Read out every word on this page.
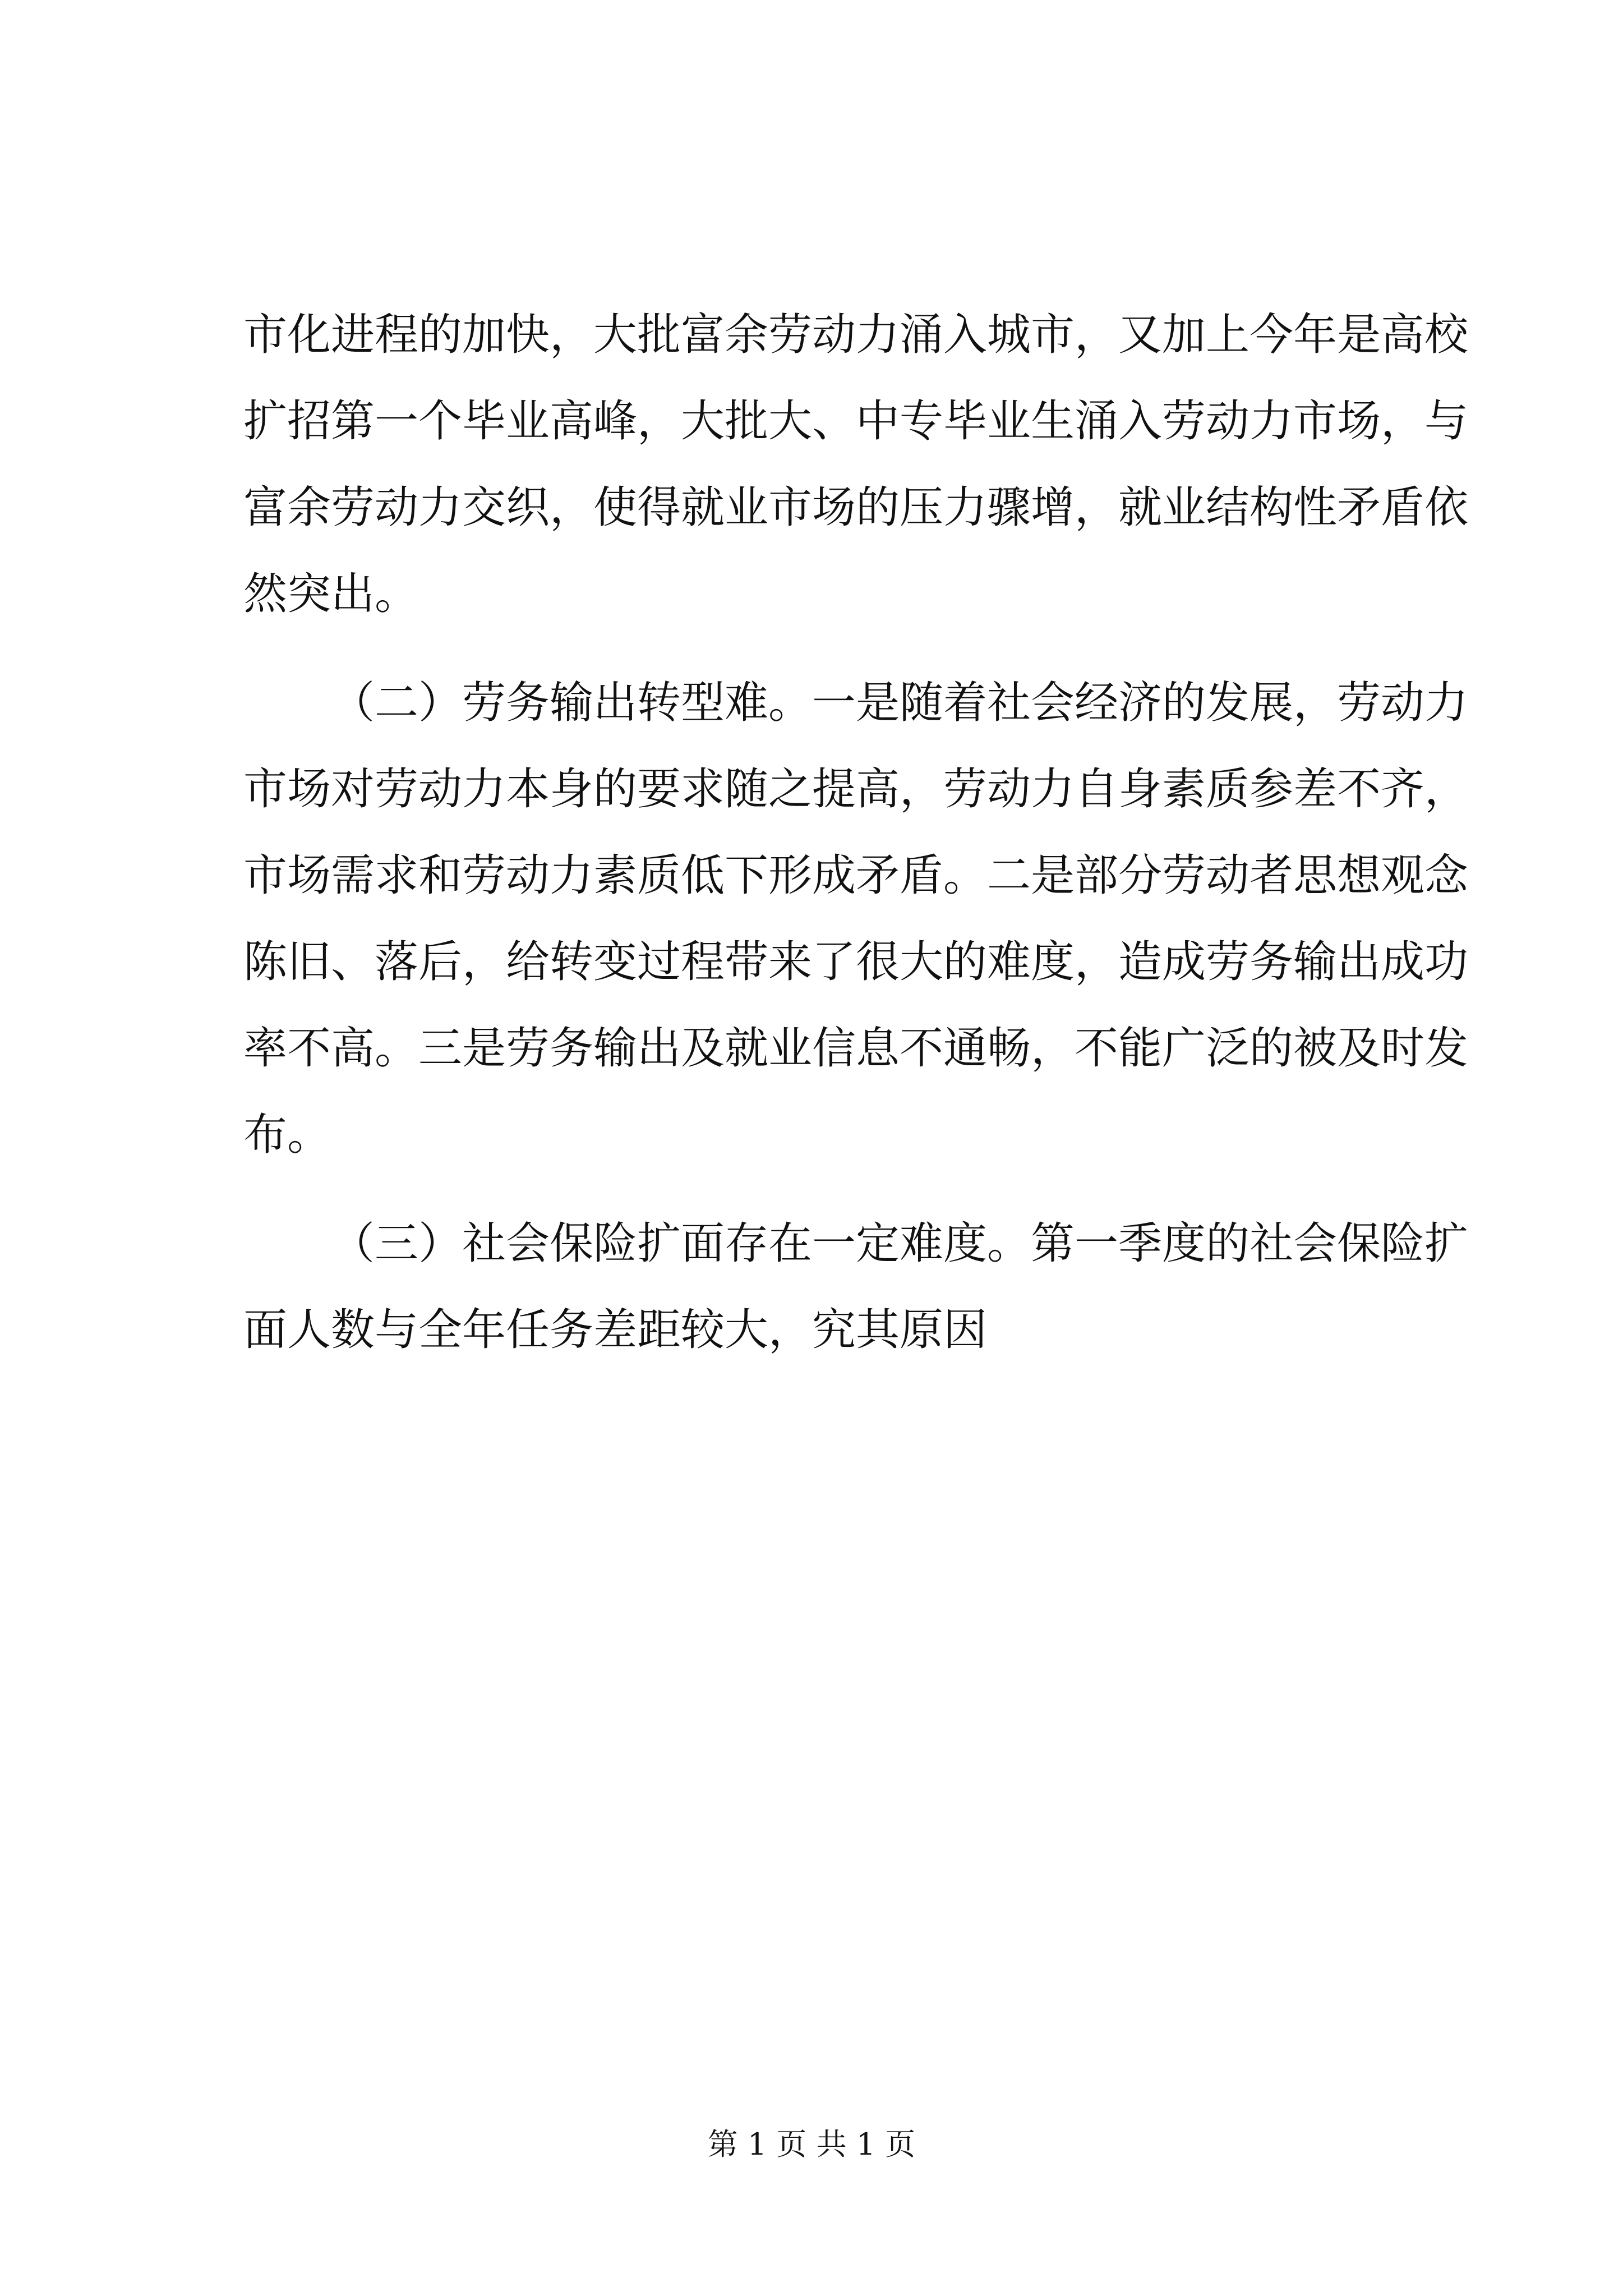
市化进程的加快，大批富余劳动力涌入城市，又加上今年是高校
扩招第一个毕业高峰，大批大、中专毕业生涌入劳动力市场，与
富余劳动力交织，使得就业市场的压力骤增，就业结构性矛盾依
然突出。
（二）劳务输出转型难。一是随着社会经济的发展，劳动力
市场对劳动力本身的要求随之提高，劳动力自身素质参差不齐，
市场需求和劳动力素质低下形成矛盾。二是部分劳动者思想观念
陈旧、落后，给转变过程带来了很大的难度，造成劳务输出成功
率不高。三是劳务输出及就业信息不通畅，不能广泛的被及时发
布。
（三）社会保险扩面存在一定难度。第一季度的社会保险扩
面人数与全年任务差距较大，究其原因
第 1 页 共 1 页
